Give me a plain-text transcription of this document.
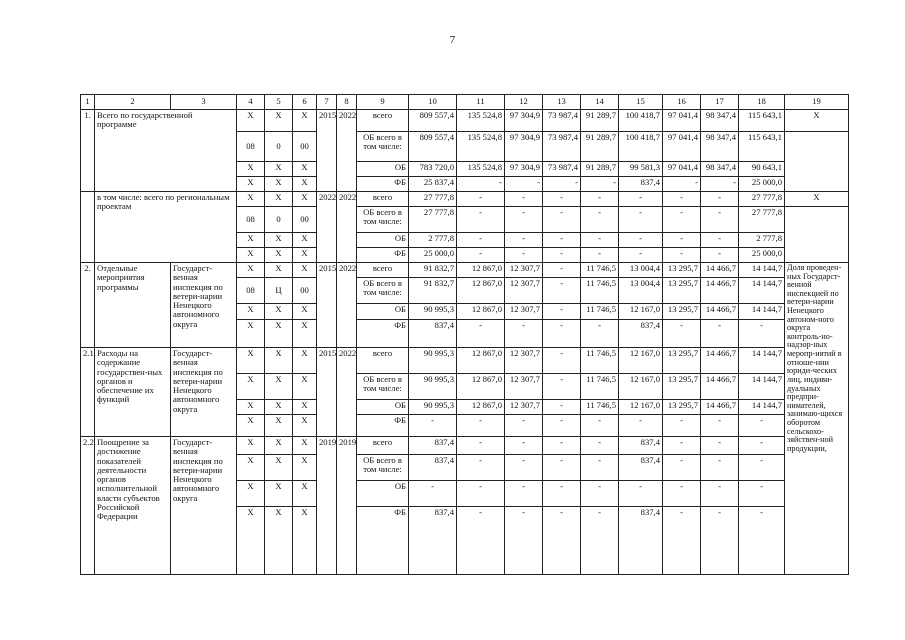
7
1	2	3	4	5	6	7	8	9	10	11	12	13	14	15	16	17	18	19
1.	Всего по государственной программе		Х	Х	Х	2015	2022	всего	809 557,4	135 524,8	97 304,9	73 987,4	91 289,7	100 418,7	97 041,4	98 347,4	115 643,1	Х
			08	0	00			ОБ всего в том числе:	809 557,4	135 524,8	97 304,9	73 987,4	91 289,7	100 418,7	97 041,4	98 347,4	115 643,1	
			Х	Х	Х			ОБ	783 720,0	135 524,8	97 304,9	73 987,4	91 289,7	99 581,3	97 041,4	98 347,4	90 643,1	
			Х	Х	Х			ФБ	25 837,4	-	-	-	-	837,4	-	-	25 000,0	
	в том числе: всего по региональным проектам		Х	Х	Х	2022	2022	всего	27 777,8	-	-	-	-	-	-	-	27 777,8	Х
			08	0	00			ОБ всего в том числе:	27 777,8	-	-	-	-	-	-	-	27 777,8	
			Х	Х	Х			ОБ	2 777,8	-	-	-	-	-	-	-	2 777,8	
			Х	Х	Х			ФБ	25 000,0	-	-	-	-	-	-	-	25 000,0	
2.	Отдельные мероприятия программы	Государст-венная инспекция по ветери-нарии Ненецкого автономного округа	Х	Х	Х	2015	2022	всего	91 832,7	12 867,0	12 307,7	-	11 746,5	13 004,4	13 295,7	14 466,7	14 144,7	Доля проведен-ных Государст-венной инспекцией по ветери-нарии Ненецкого автоном-ного округа контроль-но-надзор-ных меропр-иятий в отноше-нии юриди-ческих лиц, индиви-дуальных предпри-нимателей, занимаю-щихся оборотом сельскохо-зяйствен-ной продукции,
			08	Ц	00			ОБ всего в том числе:	91 832,7	12 867,0	12 307,7	-	11 746,5	13 004,4	13 295,7	14 466,7	14 144,7	
			Х	Х	Х			ОБ	90 995,3	12 867,0	12 307,7	-	11 746,5	12 167,0	13 295,7	14 466,7	14 144,7	
			Х	Х	Х			ФБ	837,4	-	-	-	-	837,4	-	-	-	
2.1.	Расходы на содержание государствен-ных органов и обеспечение их функций	Государст-венная инспекция по ветери-нарии Ненецкого автономного округа	Х	Х	Х	2015	2022	всего	90 995,3	12 867,0	12 307,7	-	11 746,5	12 167,0	13 295,7	14 466,7	14 144,7	
			Х	Х	Х			ОБ всего в том числе:	90 995,3	12 867,0	12 307,7	-	11 746,5	12 167,0	13 295,7	14 466,7	14 144,7	
			Х	Х	Х			ОБ	90 995,3	12 867,0	12 307,7	-	11 746,5	12 167,0	13 295,7	14 466,7	14 144,7	
			Х	Х	Х			ФБ	-	-	-	-	-	-	-	-	-	
2.2.	Поощрение за достижение показателей деятельности органов исполнительной власти субъектов Российской Федерации	Государст-венная инспекция по ветери-нарии Ненецкого автономного округа	Х	Х	Х	2019	2019	всего	837,4	-	-	-	-	837,4	-	-	-	
			Х	Х	Х			ОБ всего в том числе:	837,4	-	-	-	-	837,4	-	-	-	
			Х	Х	Х			ОБ	-	-	-	-	-	-	-	-	-	
			Х	Х	Х			ФБ	837,4	-	-	-	-	837,4	-	-	-	
